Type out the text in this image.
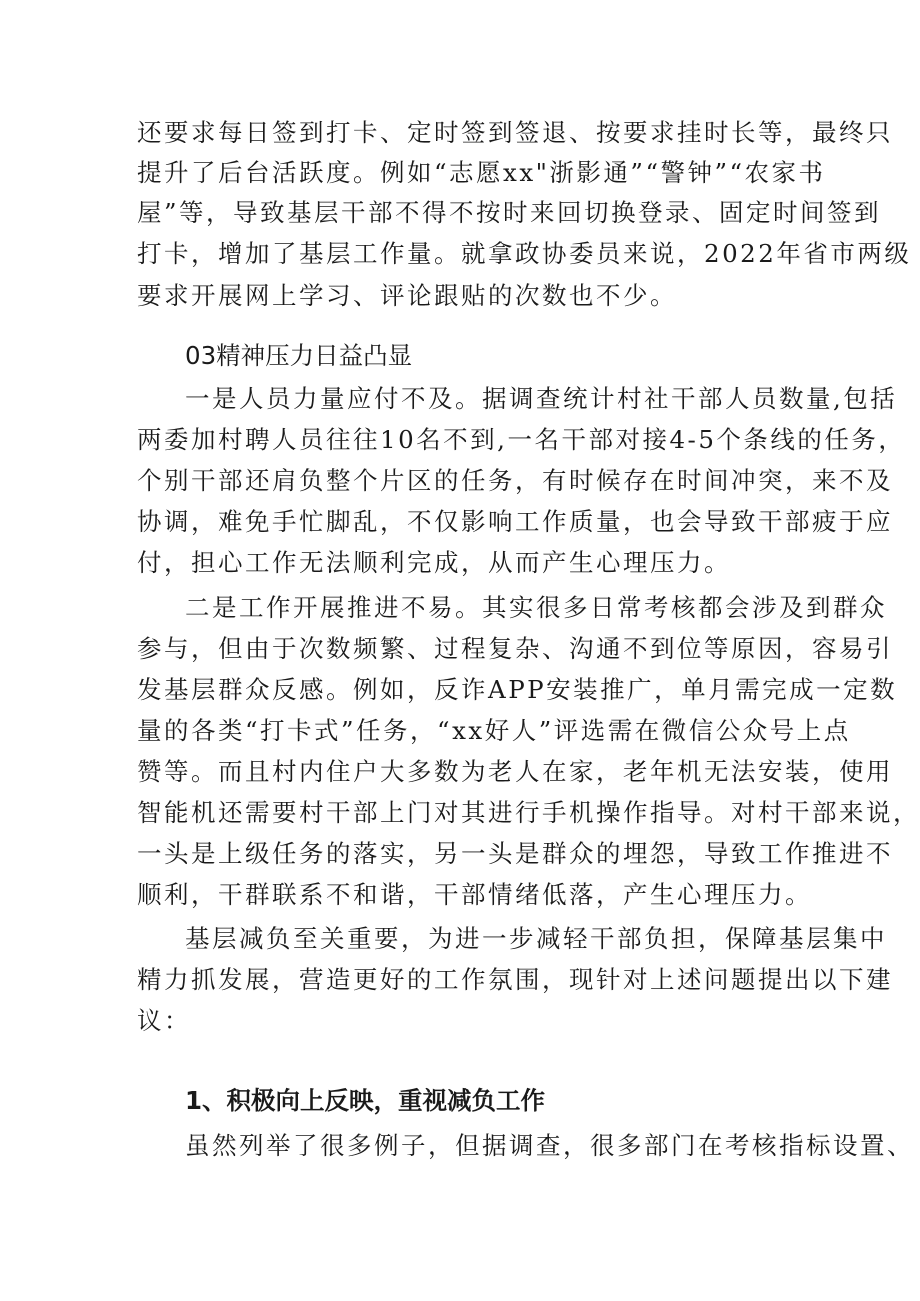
还要求每日签到打卡、定时签到签退、按要求挂时长等，最终只
提升了后台活跃度。例如“志愿xx"浙影通”“警钟”“农家书
屋”等，导致基层干部不得不按时来回切换登录、固定时间签到
打卡，增加了基层工作量。就拿政协委员来说，2022年省市两级
要求开展网上学习、评论跟贴的次数也不少。
03精神压力日益凸显
一是人员力量应付不及。据调查统计村社干部人员数量,包括
两委加村聘人员往往10名不到,一名干部对接4-5个条线的任务，
个别干部还肩负整个片区的任务，有时候存在时间冲突，来不及
协调，难免手忙脚乱，不仅影响工作质量，也会导致干部疲于应
付，担心工作无法顺利完成，从而产生心理压力。
二是工作开展推进不易。其实很多日常考核都会涉及到群众
参与，但由于次数频繁、过程复杂、沟通不到位等原因，容易引
发基层群众反感。例如，反诈APP安装推广，单月需完成一定数
量的各类“打卡式”任务，“xx好人”评选需在微信公众号上点
赞等。而且村内住户大多数为老人在家，老年机无法安装，使用
智能机还需要村干部上门对其进行手机操作指导。对村干部来说，
一头是上级任务的落实，另一头是群众的埋怨，导致工作推进不
顺利，干群联系不和谐，干部情绪低落，产生心理压力。
基层减负至关重要，为进一步减轻干部负担，保障基层集中
精力抓发展，营造更好的工作氛围，现针对上述问题提出以下建
议：
1、积极向上反映，重视减负工作
虽然列举了很多例子，但据调查，很多部门在考核指标设置、
